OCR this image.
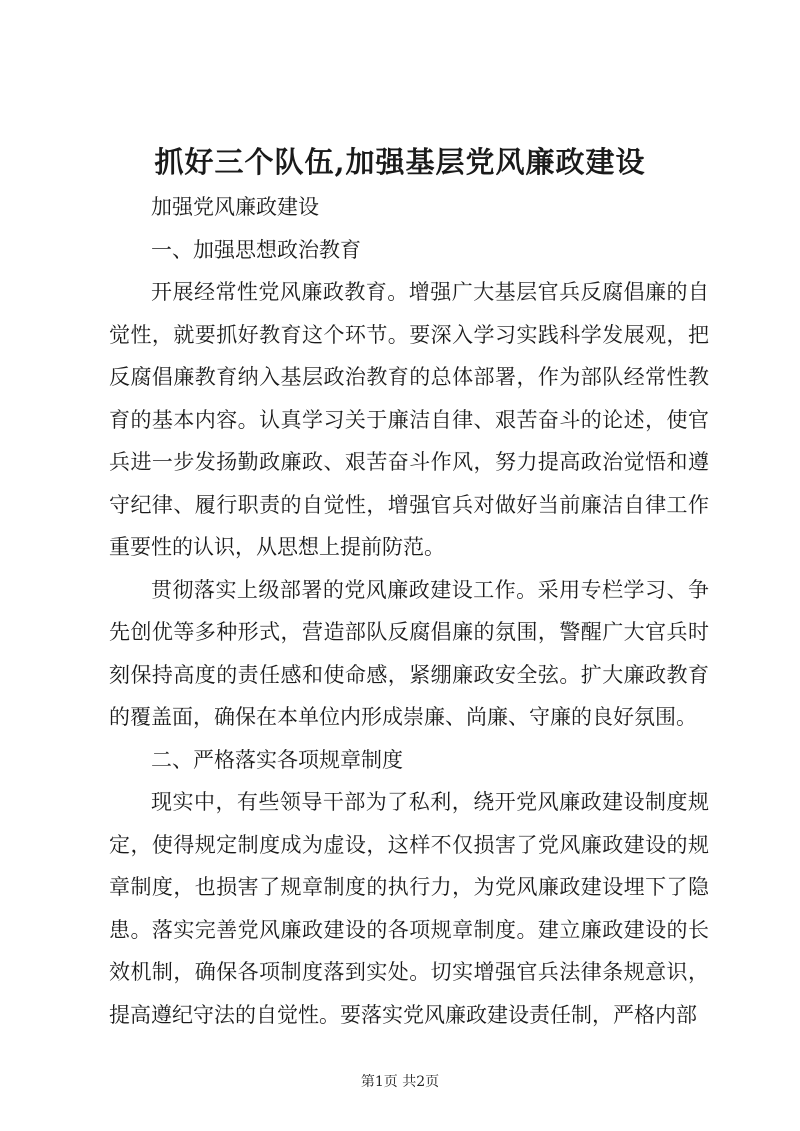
抓好三个队伍,加强基层党风廉政建设

加强党风廉政建设

一、加强思想政治教育

开展经常性党风廉政教育。增强广大基层官兵反腐倡廉的自觉性，就要抓好教育这个环节。要深入学习实践科学发展观，把反腐倡廉教育纳入基层政治教育的总体部署，作为部队经常性教育的基本内容。认真学习关于廉洁自律、艰苦奋斗的论述，使官兵进一步发扬勤政廉政、艰苦奋斗作风，努力提高政治觉悟和遵守纪律、履行职责的自觉性，增强官兵对做好当前廉洁自律工作重要性的认识，从思想上提前防范。

贯彻落实上级部署的党风廉政建设工作。采用专栏学习、争先创优等多种形式，营造部队反腐倡廉的氛围，警醒广大官兵时刻保持高度的责任感和使命感，紧绷廉政安全弦。扩大廉政教育的覆盖面，确保在本单位内形成崇廉、尚廉、守廉的良好氛围。

二、严格落实各项规章制度

现实中，有些领导干部为了私利，绕开党风廉政建设制度规定，使得规定制度成为虚设，这样不仅损害了党风廉政建设的规章制度，也损害了规章制度的执行力，为党风廉政建设埋下了隐患。落实完善党风廉政建设的各项规章制度。建立廉政建设的长效机制，确保各项制度落到实处。切实增强官兵法律条规意识，提高遵纪守法的自觉性。要落实党风廉政建设责任制，严格内部

第1页 共2页
